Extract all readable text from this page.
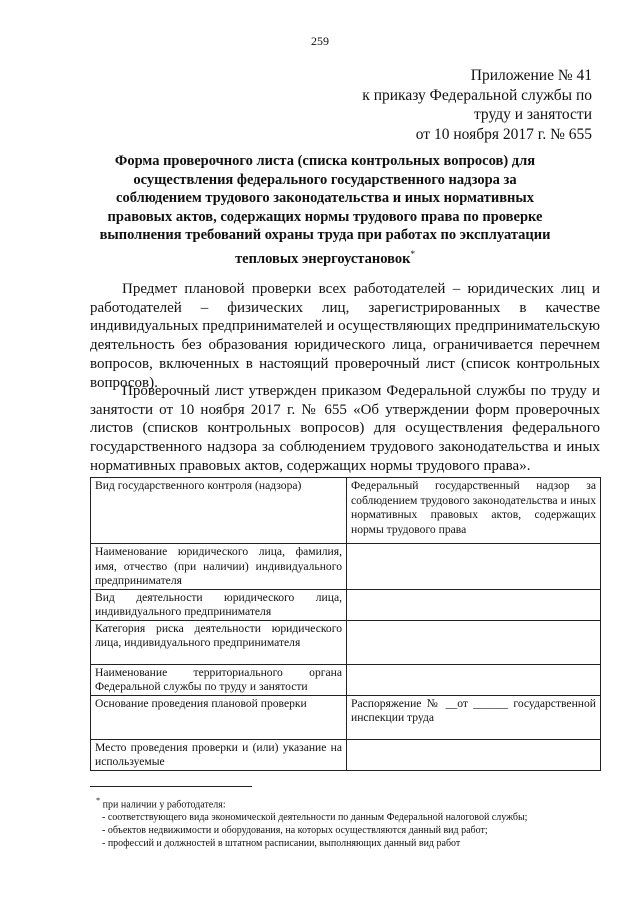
259
Приложение № 41
к приказу Федеральной службы по
труду и занятости
от 10 ноября 2017 г. № 655
Форма проверочного листа (списка контрольных вопросов) для осуществления федерального государственного надзора за соблюдением трудового законодательства и иных нормативных правовых актов, содержащих нормы трудового права по проверке выполнения требований охраны труда при работах по эксплуатации тепловых энергоустановок*

Предмет плановой проверки всех работодателей – юридических лиц и работодателей – физических лиц, зарегистрированных в качестве индивидуальных предпринимателей и осуществляющих предпринимательскую деятельность без образования юридического лица, ограничивается перечнем вопросов, включенных в настоящий проверочный лист (список контрольных вопросов).

Проверочный лист утвержден приказом Федеральной службы по труду и занятости от 10 ноября 2017 г. № 655 «Об утверждении форм проверочных листов (списков контрольных вопросов) для осуществления федерального государственного надзора за соблюдением трудового законодательства и иных нормативных правовых актов, содержащих нормы трудового права».

Вид государственного контроля (надзора)	Федеральный государственный надзор за соблюдением трудового законодательства и иных нормативных правовых актов, содержащих нормы трудового права
Наименование юридического лица, фамилия, имя, отчество (при наличии) индивидуального предпринимателя	
Вид деятельности юридического лица, индивидуального предпринимателя	
Категория риска деятельности юридического лица, индивидуального предпринимателя	
Наименование территориального органа Федеральной службы по труду и занятости	
Основание проведения плановой проверки	Распоряжение № __от ______ государственной инспекции труда
Место проведения проверки и (или) указание на используемые	
* при наличии у работодателя:
- соответствующего вида экономической деятельности по данным Федеральной налоговой службы;
- объектов недвижимости и оборудования, на которых осуществляются данный вид работ;
- профессий и должностей в штатном расписании, выполняющих данный вид работ
